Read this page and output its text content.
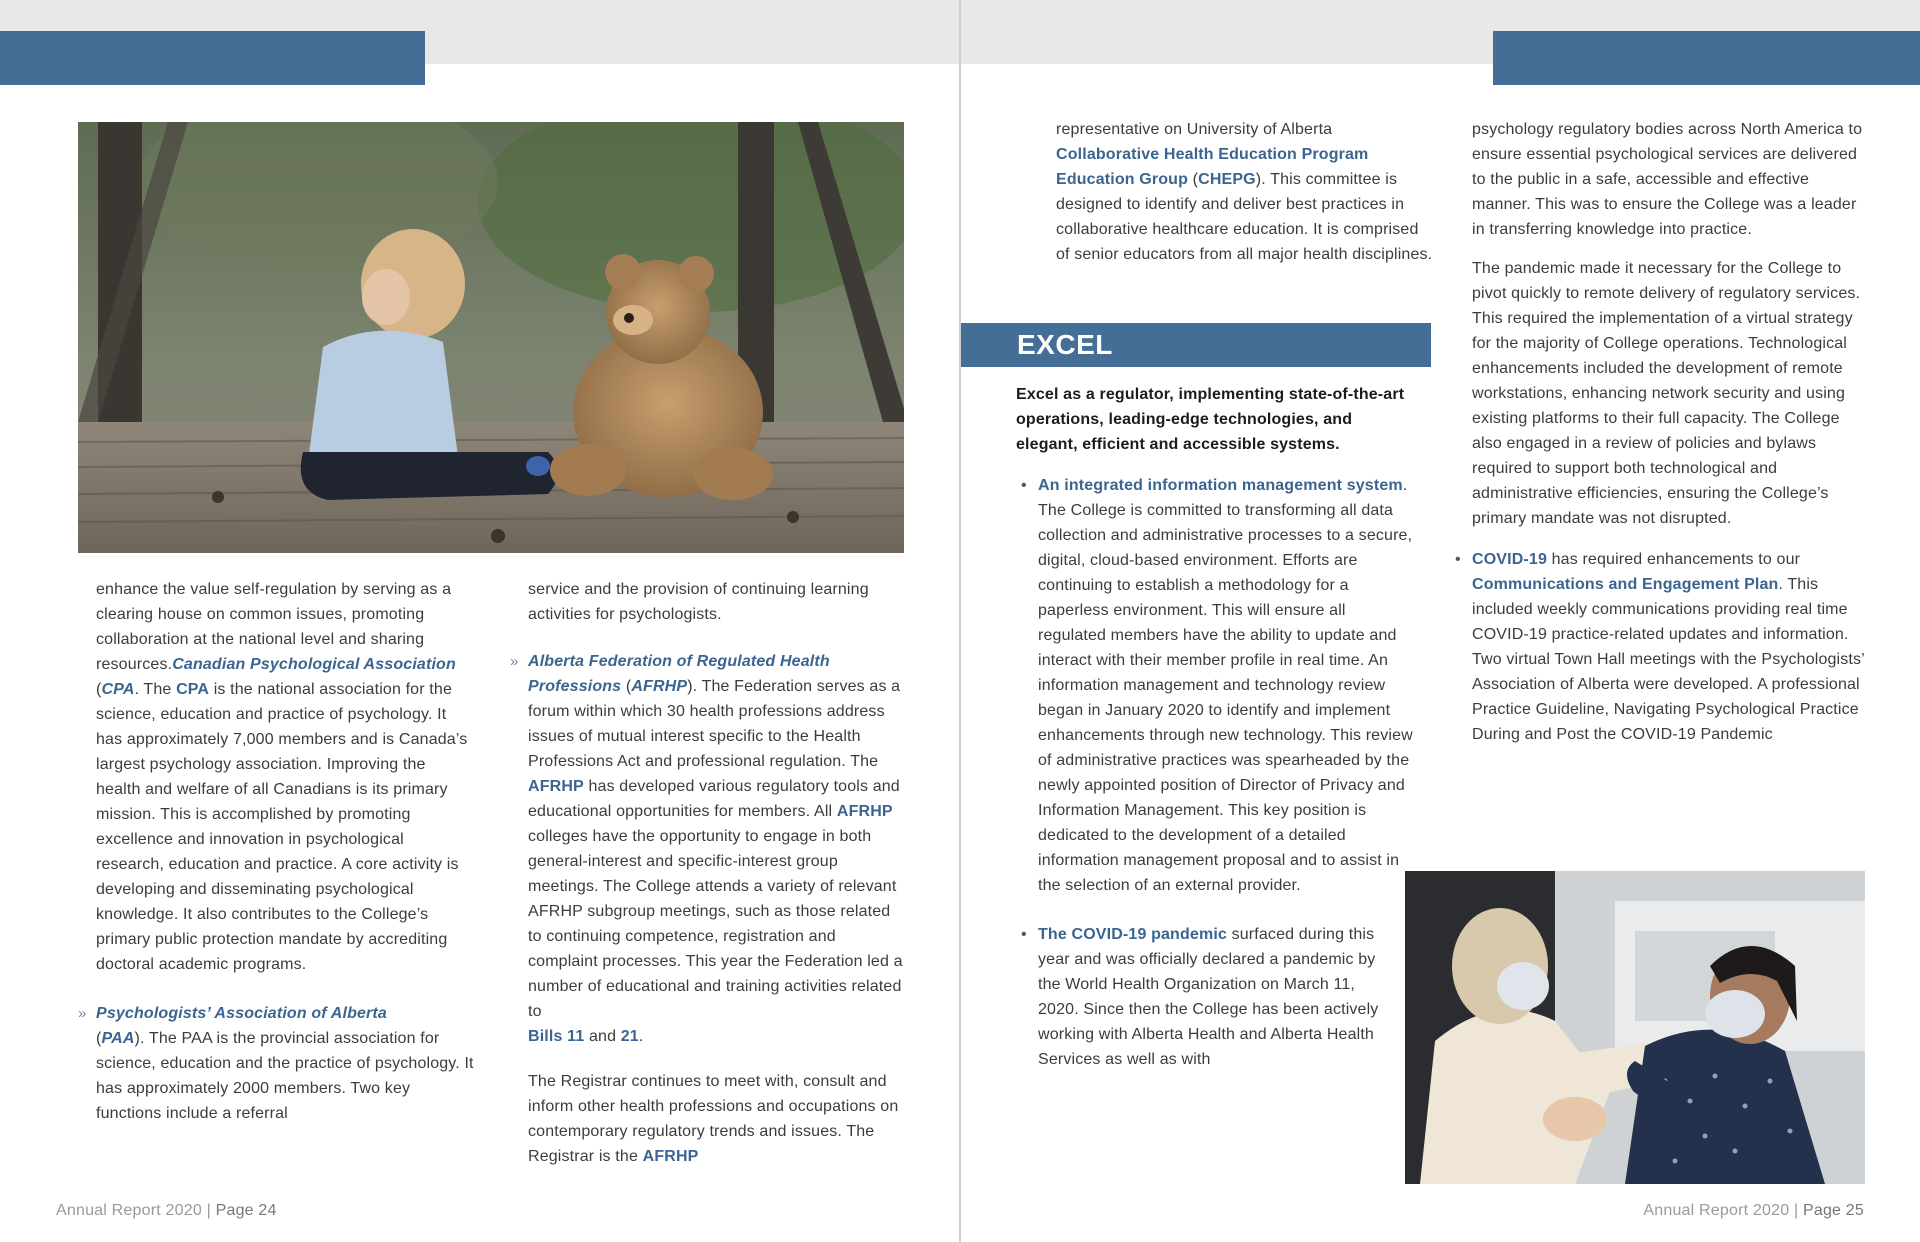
enhance the value self-regulation by serving as a clearing house on common issues, promoting collaboration at the national level and sharing resources.Canadian Psychological Association (CPA. The CPA is the national association for the science, education and practice of psychology. It has approximately 7,000 members and is Canada’s largest psychology association. Improving the health and welfare of all Canadians is its primary mission. This is accomplished by promoting excellence and innovation in psychological research, education and practice. A core activity is developing and disseminating psychological knowledge. It also contributes to the College’s primary public protection mandate by accrediting doctoral academic programs.

» Psychologists’ Association of Alberta
(PAA). The PAA is the provincial association for science, education and the practice of psychology. It has approximately 2000 members. Two key functions include a referral

service and the provision of continuing learning activities for psychologists.

» Alberta Federation of Regulated Health Professions (AFRHP). The Federation serves as a forum within which 30 health professions address issues of mutual interest specific to the Health Professions Act and professional regulation. The AFRHP has developed various regulatory tools and educational opportunities for members. All AFRHP colleges have the opportunity to engage in both general-interest and specific-interest group meetings. The College attends a variety of relevant AFRHP subgroup meetings, such as those related to continuing competence, registration and complaint processes. This year the Federation led a number of educational and training activities related to
Bills 11 and 21.

The Registrar continues to meet with, consult and inform other health professions and occupations on contemporary regulatory trends and issues. The Registrar is the AFRHP

Annual Report 2020 | Page 24

representative on University of Alberta
Collaborative Health Education Program Education Group (CHEPG). This committee is designed to identify and deliver best practices in collaborative healthcare education. It is comprised of senior educators from all major health disciplines.

EXCEL

Excel as a regulator, implementing state-of-the-art operations, leading-edge technologies, and elegant, efficient and accessible systems.

• An integrated information management system. The College is committed to transforming all data collection and administrative processes to a secure, digital, cloud-based environment. Efforts are continuing to establish a methodology for a paperless environment. This will ensure all regulated members have the ability to update and interact with their member profile in real time. An information management and technology review began in January 2020 to identify and implement enhancements through new technology. This review of administrative practices was spearheaded by the newly appointed position of Director of Privacy and Information Management. This key position is dedicated to the development of a detailed information management proposal and to assist in the selection of an external provider.

• The COVID-19 pandemic surfaced during this year and was officially declared a pandemic by the World Health Organization on March 11, 2020. Since then the College has been actively working with Alberta Health and Alberta Health Services as well as with

psychology regulatory bodies across North America to ensure essential psychological services are delivered to the public in a safe, accessible and effective manner. This was to ensure the College was a leader in transferring knowledge into practice.

The pandemic made it necessary for the College to pivot quickly to remote delivery of regulatory services. This required the implementation of a virtual strategy for the majority of College operations. Technological enhancements included the development of remote workstations, enhancing network security and using existing platforms to their full capacity. The College also engaged in a review of policies and bylaws required to support both technological and administrative efficiencies, ensuring the College’s primary mandate was not disrupted.

• COVID-19 has required enhancements to our Communications and Engagement Plan. This included weekly communications providing real time COVID-19 practice-related updates and information. Two virtual Town Hall meetings with the Psychologists’ Association of Alberta were developed. A professional Practice Guideline, Navigating Psychological Practice During and Post the COVID-19 Pandemic

Annual Report 2020 | Page 25
